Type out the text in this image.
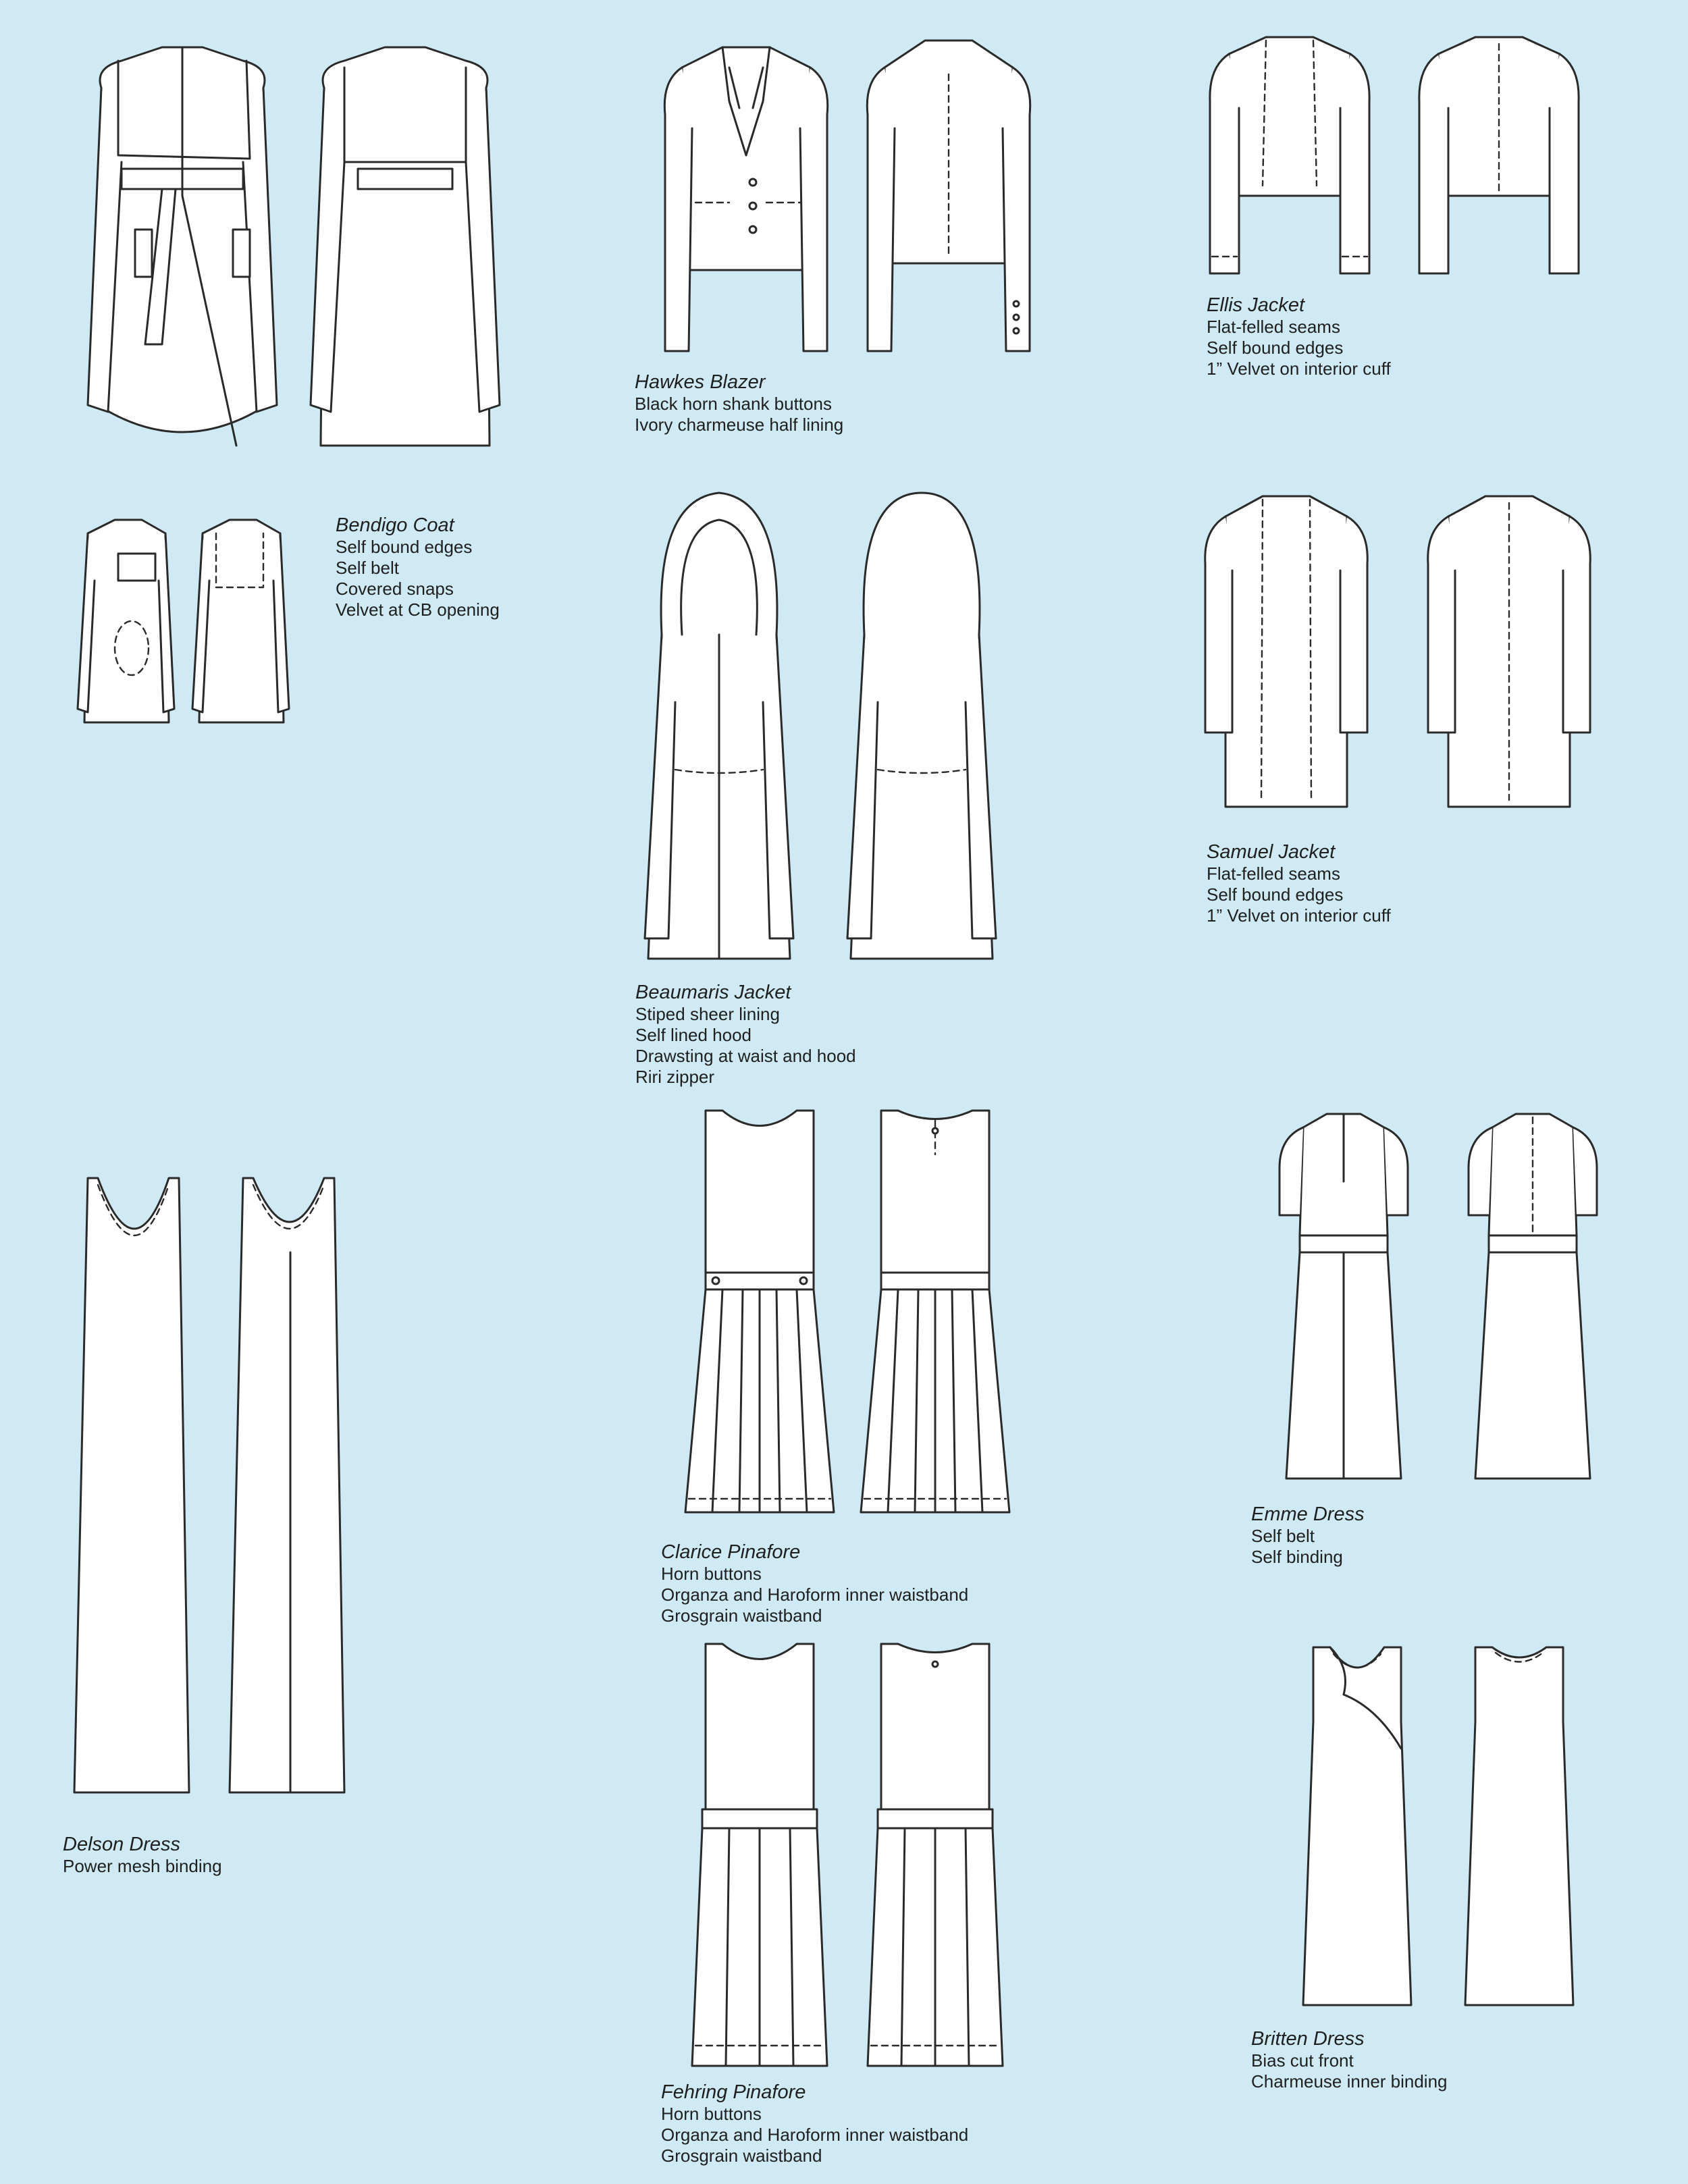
Bendigo Coat
Self bound edges
Self belt
Covered snaps
Velvet at CB opening
Hawkes Blazer
Black horn shank buttons
Ivory charmeuse half lining
Ellis Jacket
Flat-felled seams
Self bound edges
1” Velvet on interior cuff
Beaumaris Jacket
Stiped sheer lining
Self lined hood
Drawsting at waist and hood
Riri zipper
Samuel Jacket
Flat-felled seams
Self bound edges
1” Velvet on interior cuff
Delson Dress
Power mesh binding
Clarice Pinafore
Horn buttons
Organza and Haroform inner waistband
Grosgrain waistband
Emme Dress
Self belt
Self binding
Fehring Pinafore
Horn buttons
Organza and Haroform inner waistband
Grosgrain waistband
Britten Dress
Bias cut front
Charmeuse inner binding
